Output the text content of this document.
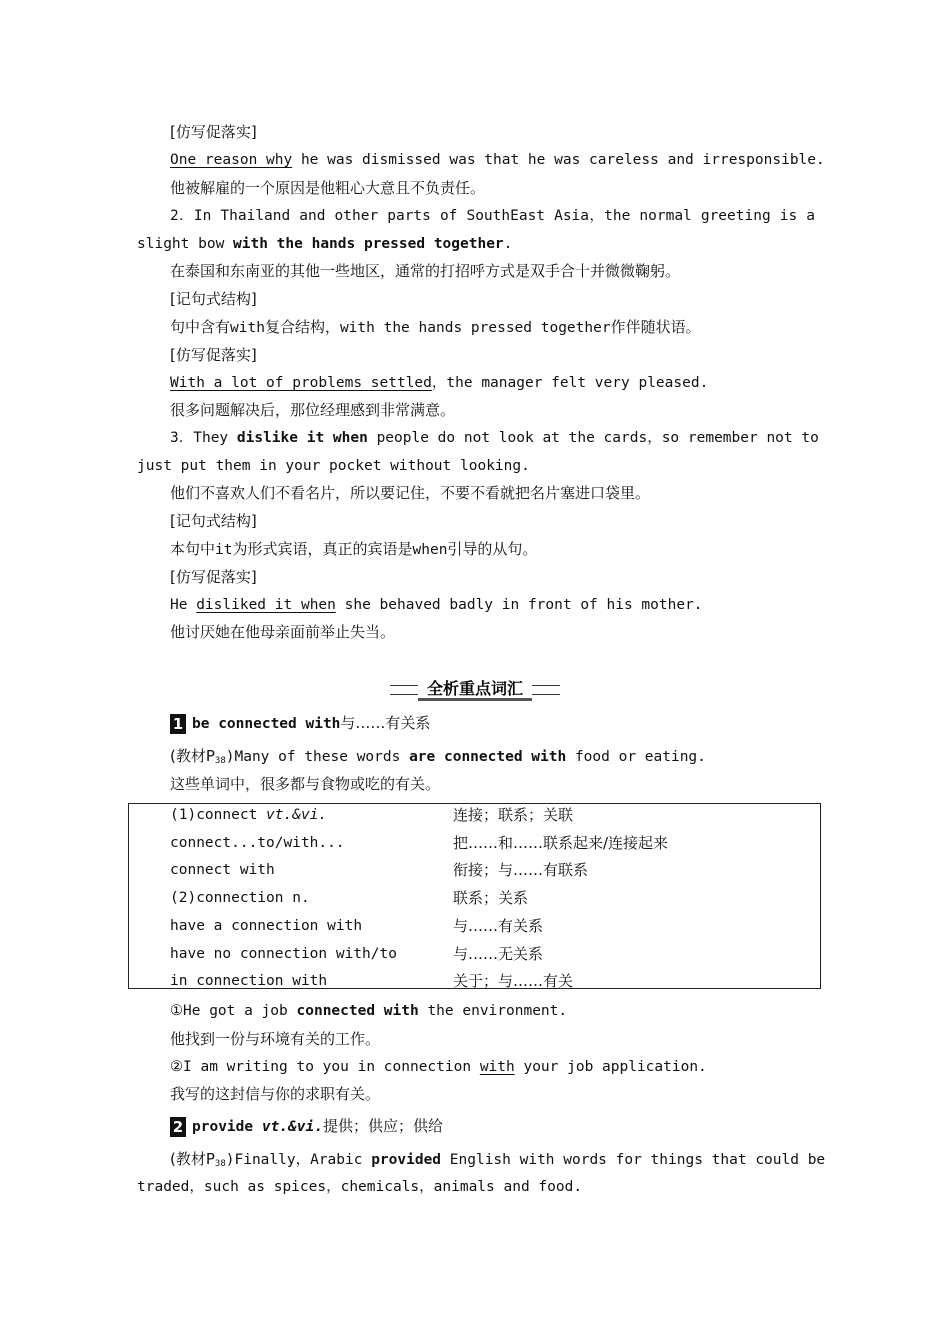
[仿写促落实]
One reason why he was dismissed was that he was careless and irresponsible.
他被解雇的一个原因是他粗心大意且不负责任。
2．In Thailand and other parts of SouthEast Asia，the normal greeting is a
slight bow with the hands pressed together.
在泰国和东南亚的其他一些地区，通常的打招呼方式是双手合十并微微鞠躬。
[记句式结构]
句中含有with复合结构，with the hands pressed together作伴随状语。
[仿写促落实]
With a lot of problems settled，the manager felt very pleased.
很多问题解决后，那位经理感到非常满意。
3．They dislike it when people do not look at the cards，so remember not to
just put them in your pocket without looking.
他们不喜欢人们不看名片，所以要记住，不要不看就把名片塞进口袋里。
[记句式结构]
本句中it为形式宾语，真正的宾语是when引导的从句。
[仿写促落实]
He disliked it when she behaved badly in front of his mother.
他讨厌她在他母亲面前举止失当。
全析重点词汇
1 be connected with与……有关系
(教材$P_{38})Many$ of these words are connected with food or eating.
这些单词中，很多都与食物或吃的有关。
(1)connect vt.&vi.	连接；联系；关联
connect...to/with...	把……和……联系起来/连接起来
connect with	衔接；与……有联系
(2)connection n.	联系；关系
have a connection with	与……有关系
have no connection with/to	与……无关系
in connection with	关于；与……有关
①He got a job connected with the environment.
他找到一份与环境有关的工作。
②I am writing to you in connection with your job application.
我写的这封信与你的求职有关。
2 provide vt.&vi.提供；供应；供给
(教材$P_{38})Finally$，Arabic provided English with words for things that could be
traded，such as spices，chemicals，animals and food.
